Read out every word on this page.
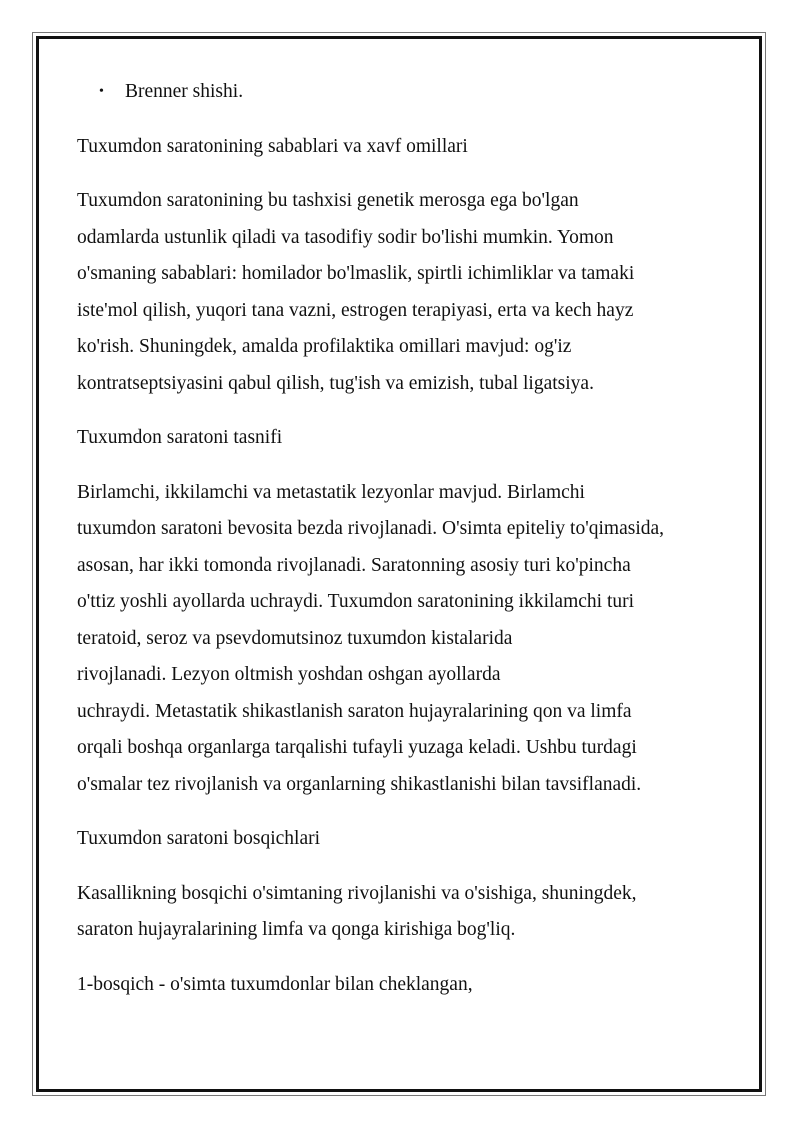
• Brenner shishi.

Tuxumdon saratonining sabablari va xavf omillari

Tuxumdon saratonining bu tashxisi genetik merosga ega bo'lgan
odamlarda ustunlik qiladi va tasodifiy sodir bo'lishi mumkin. Yomon
o'smaning sabablari: homilador bo'lmaslik, spirtli ichimliklar va tamaki
iste'mol qilish, yuqori tana vazni, estrogen terapiyasi, erta va kech hayz
ko'rish. Shuningdek, amalda profilaktika omillari mavjud: og'iz
kontratseptsiyasini qabul qilish, tug'ish va emizish, tubal ligatsiya.

Tuxumdon saratoni tasnifi

Birlamchi, ikkilamchi va metastatik lezyonlar mavjud. Birlamchi
tuxumdon saratoni bevosita bezda rivojlanadi. O'simta epiteliy to'qimasida,
asosan, har ikki tomonda rivojlanadi. Saratonning asosiy turi ko'pincha
o'ttiz yoshli ayollarda uchraydi. Tuxumdon saratonining ikkilamchi turi
teratoid, seroz va psevdomutsinoz tuxumdon kistalarida
rivojlanadi. Lezyon oltmish yoshdan oshgan ayollarda
uchraydi. Metastatik shikastlanish saraton hujayralarining qon va limfa
orqali boshqa organlarga tarqalishi tufayli yuzaga keladi. Ushbu turdagi
o'smalar tez rivojlanish va organlarning shikastlanishi bilan tavsiflanadi.

Tuxumdon saratoni bosqichlari

Kasallikning bosqichi o'simtaning rivojlanishi va o'sishiga, shuningdek,
saraton hujayralarining limfa va qonga kirishiga bog'liq.

1-bosqich - o'simta tuxumdonlar bilan cheklangan,
